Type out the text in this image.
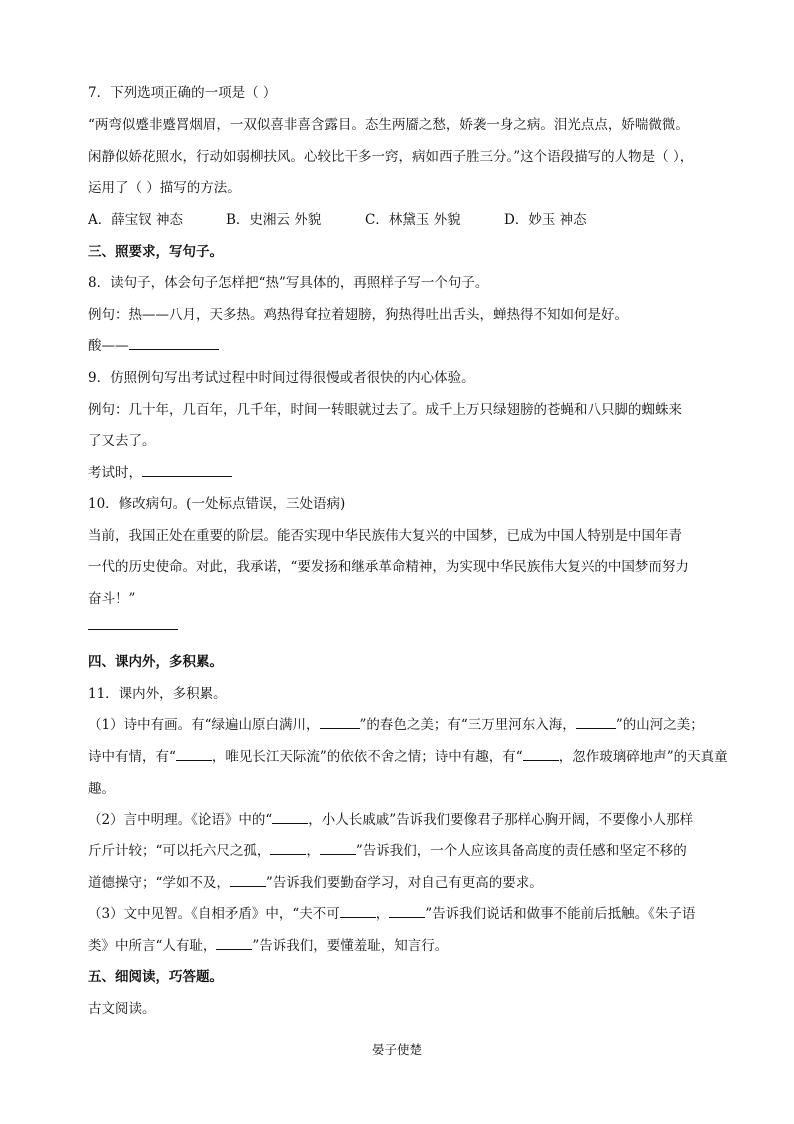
7．下列选项正确的一项是（ ）
“两弯似蹙非蹙罥烟眉，一双似喜非喜含露目。态生两靥之愁，娇袭一身之病。泪光点点，娇喘微微。
闲静似娇花照水，行动如弱柳扶风。心较比干多一窍，病如西子胜三分。”这个语段描写的人物是（ ），
运用了（ ）描写的方法。
A．薛宝钗 神态	B．史湘云 外貌	C．林黛玉 外貌	D．妙玉 神态
三、照要求，写句子。
8．读句子，体会句子怎样把“热”写具体的，再照样子写一个句子。
例句：热——八月，天多热。鸡热得耷拉着翅膀，狗热得吐出舌头，蝉热得不知如何是好。
酸——
9．仿照例句写出考试过程中时间过得很慢或者很快的内心体验。
例句：几十年，几百年，几千年，时间一转眼就过去了。成千上万只绿翅膀的苍蝇和八只脚的蜘蛛来
了又去了。
考试时，
10．修改病句。(一处标点错误，三处语病)
当前，我国正处在重要的阶层。能否实现中华民族伟大复兴的中国梦，已成为中国人特别是中国年青
一代的历史使命。对此，我承诺，“要发扬和继承革命精神，为实现中华民族伟大复兴的中国梦而努力
奋斗！”
四、课内外，多积累。
11．课内外，多积累。
（1）诗中有画。有“绿遍山原白满川，	”的春色之美；有“三万里河东入海，	”的山河之美；
诗中有情，有“	，唯见长江天际流”的依依不舍之情；诗中有趣，有“	，忽作玻璃碎地声”的天真童
趣。
（2）言中明理。《论语》中的“	，小人长戚戚”告诉我们要像君子那样心胸开阔，不要像小人那样
斤斤计较；“可以托六尺之孤，	，	”告诉我们，一个人应该具备高度的责任感和坚定不移的
道德操守；“学如不及，	”告诉我们要勤奋学习，对自己有更高的要求。
（3）文中见智。《自相矛盾》中，“夫不可	，	”告诉我们说话和做事不能前后抵触。《朱子语
类》中所言“人有耻，	”告诉我们，要懂羞耻，知言行。
五、细阅读，巧答题。
古文阅读。
晏子使楚
